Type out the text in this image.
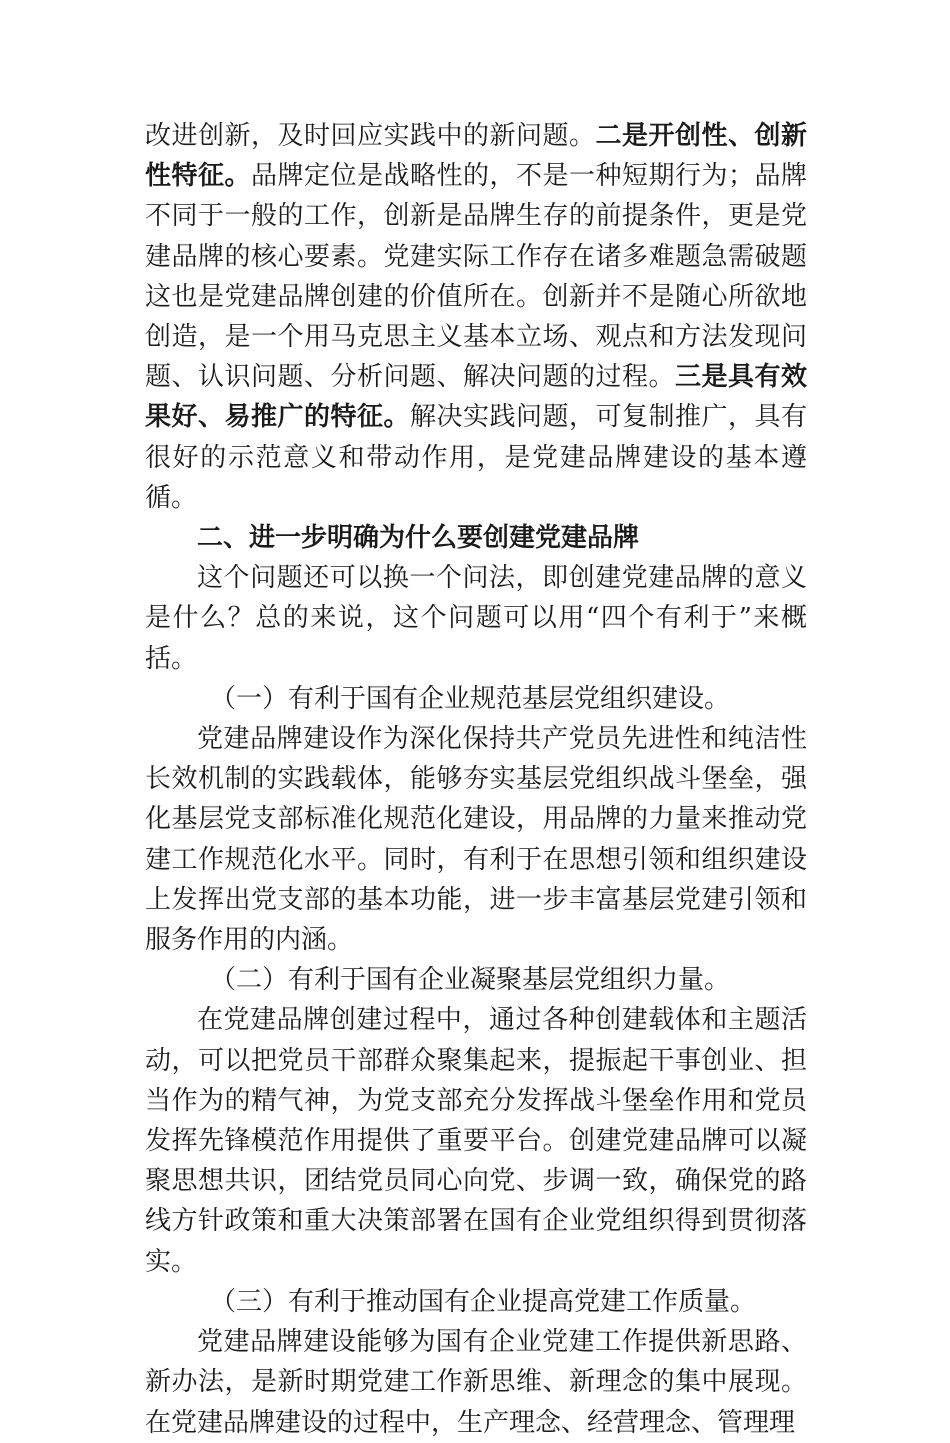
改进创新，及时回应实践中的新问题。二是开创性、创新性特征。品牌定位是战略性的，不是一种短期行为；品牌不同于一般的工作，创新是品牌生存的前提条件，更是党建品牌的核心要素。党建实际工作存在诸多难题急需破题这也是党建品牌创建的价值所在。创新并不是随心所欲地创造，是一个用马克思主义基本立场、观点和方法发现问题、认识问题、分析问题、解决问题的过程。三是具有效果好、易推广的特征。解决实践问题，可复制推广，具有很好的示范意义和带动作用，是党建品牌建设的基本遵循。

二、进一步明确为什么要创建党建品牌

这个问题还可以换一个问法，即创建党建品牌的意义是什么？总的来说，这个问题可以用“四个有利于”来概括。

（一）有利于国有企业规范基层党组织建设。

党建品牌建设作为深化保持共产党员先进性和纯洁性长效机制的实践载体，能够夯实基层党组织战斗堡垒，强化基层党支部标准化规范化建设，用品牌的力量来推动党建工作规范化水平。同时，有利于在思想引领和组织建设上发挥出党支部的基本功能，进一步丰富基层党建引领和服务作用的内涵。

（二）有利于国有企业凝聚基层党组织力量。

在党建品牌创建过程中，通过各种创建载体和主题活动，可以把党员干部群众聚集起来，提振起干事创业、担当作为的精气神，为党支部充分发挥战斗堡垒作用和党员发挥先锋模范作用提供了重要平台。创建党建品牌可以凝聚思想共识，团结党员同心向党、步调一致，确保党的路线方针政策和重大决策部署在国有企业党组织得到贯彻落实。

（三）有利于推动国有企业提高党建工作质量。

党建品牌建设能够为国有企业党建工作提供新思路、新办法，是新时期党建工作新思维、新理念的集中展现。在党建品牌建设的过程中，生产理念、经营理念、管理理
